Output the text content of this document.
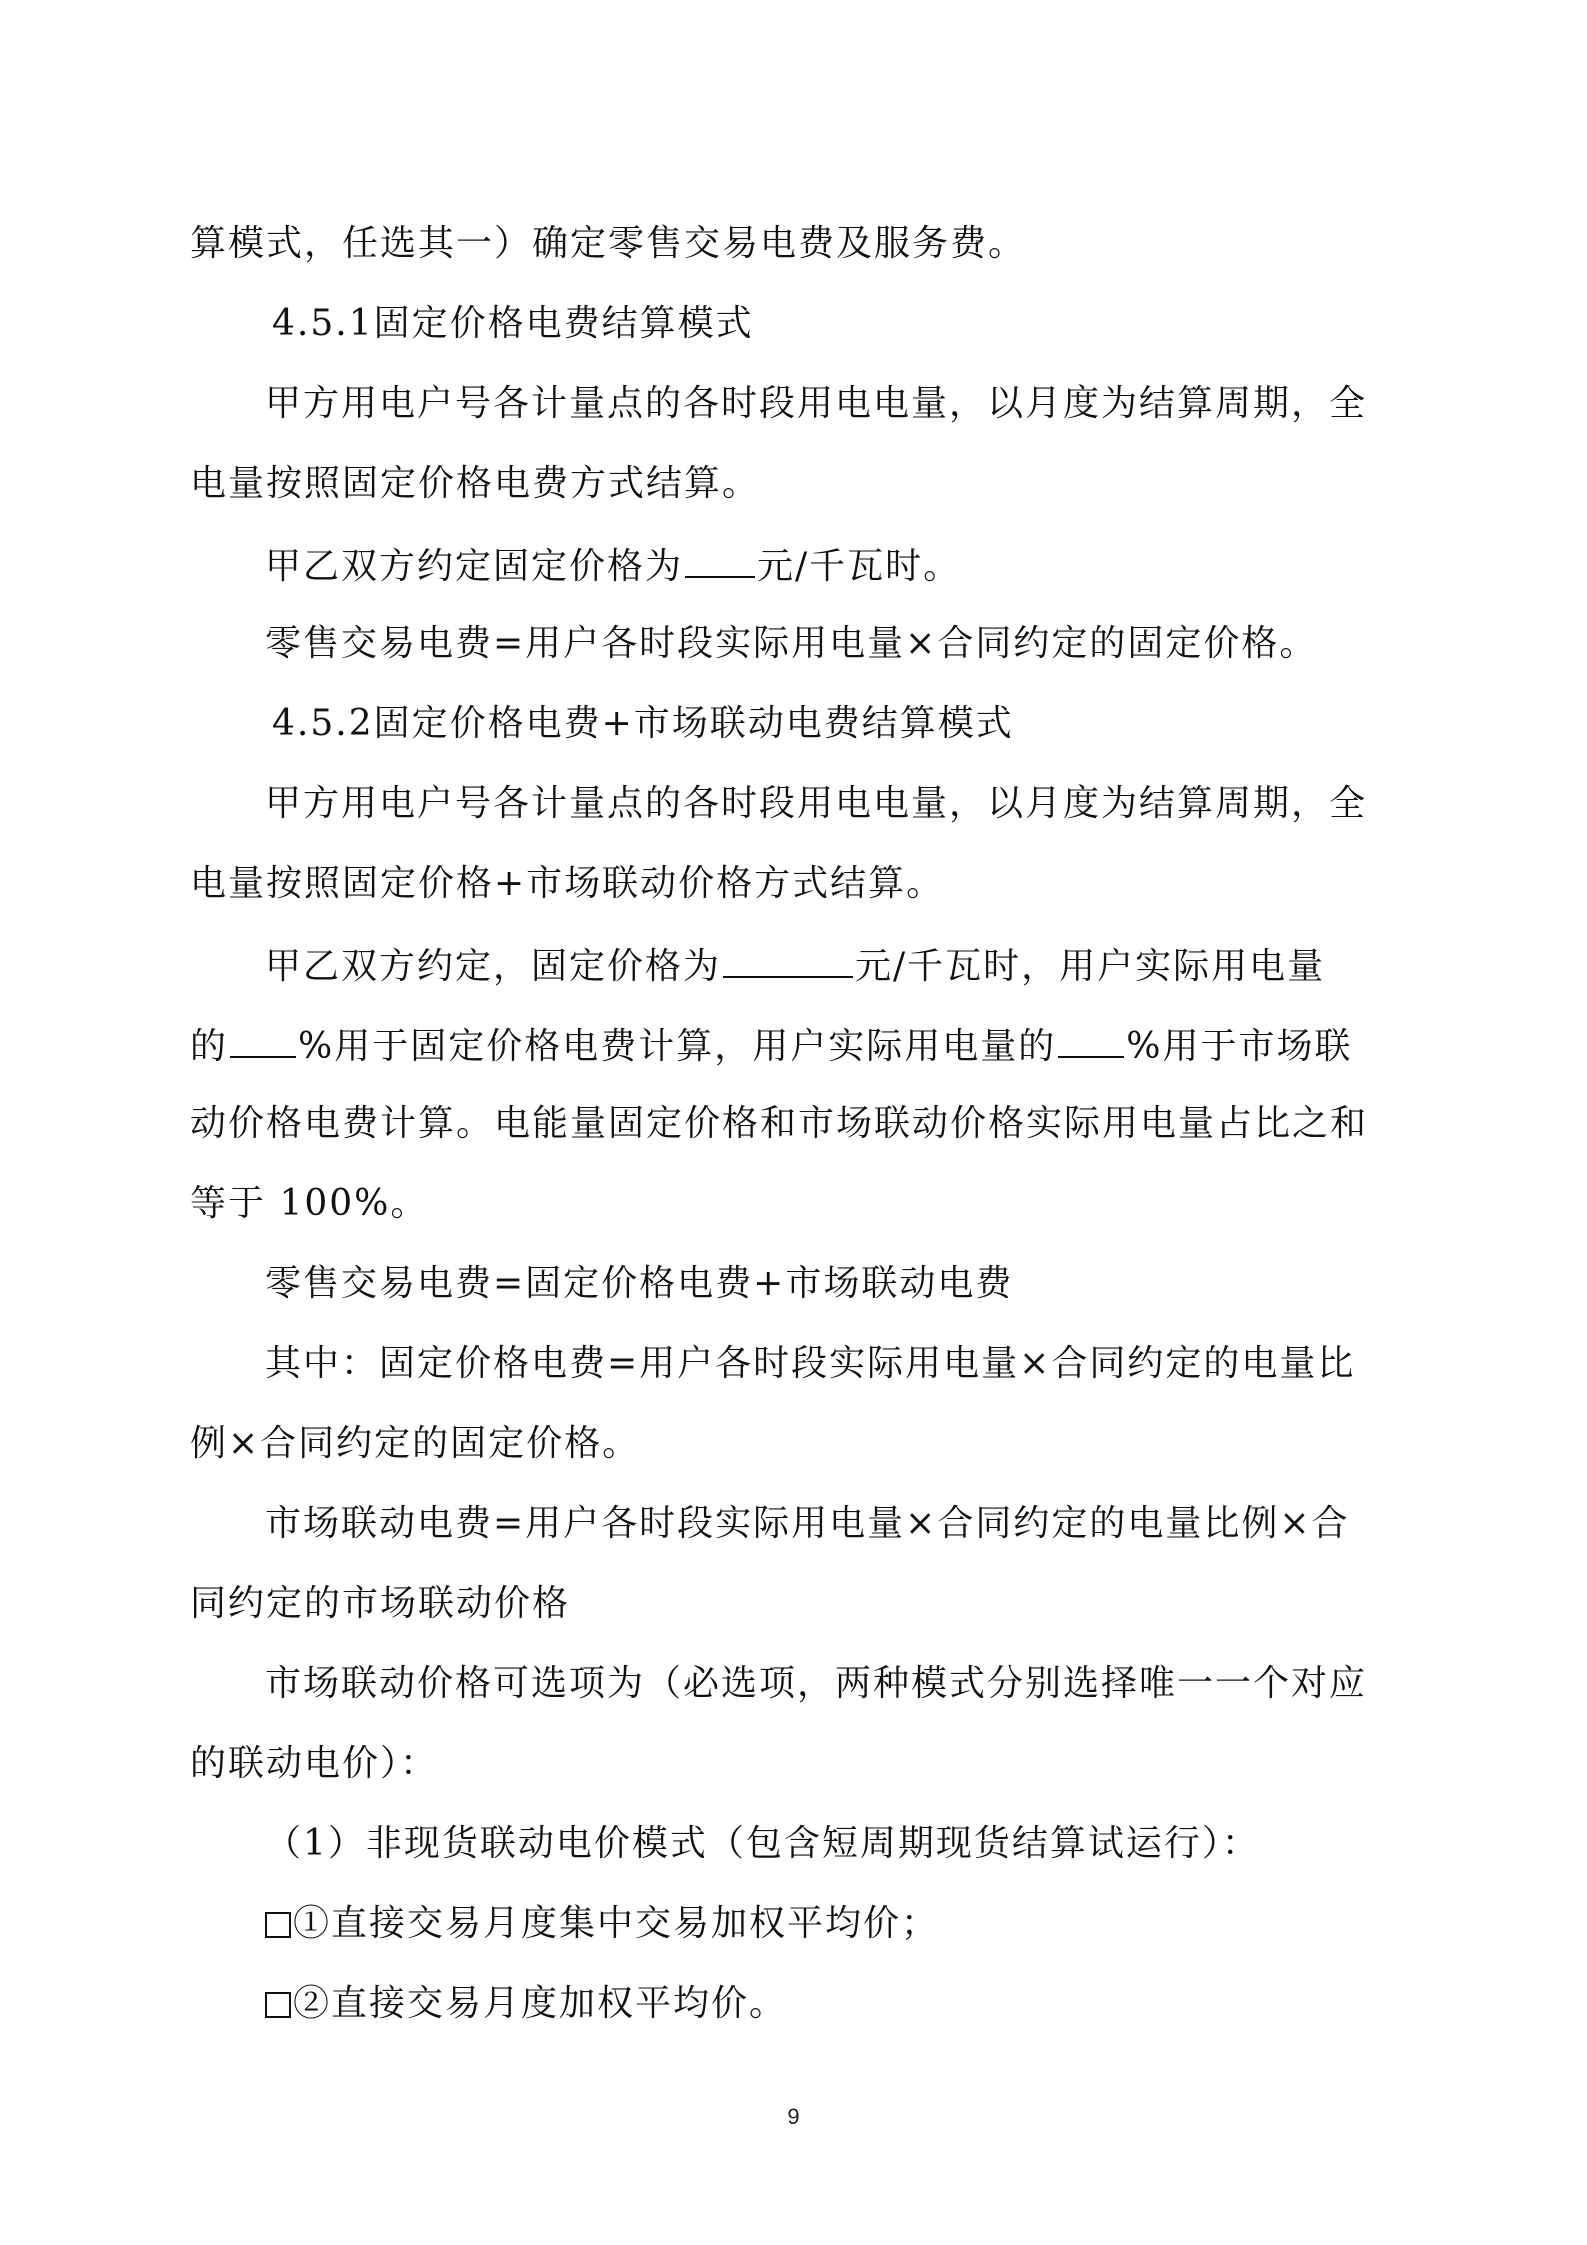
算模式，任选其一）确定零售交易电费及服务费。
4.5.1固定价格电费结算模式
甲方用电户号各计量点的各时段用电电量，以月度为结算周期，全
电量按照固定价格电费方式结算。
甲乙双方约定固定价格为 元/千瓦时。
零售交易电费=用户各时段实际用电量×合同约定的固定价格。
4.5.2固定价格电费+市场联动电费结算模式
甲方用电户号各计量点的各时段用电电量，以月度为结算周期，全
电量按照固定价格+市场联动价格方式结算。
甲乙双方约定，固定价格为	元/千瓦时，用户实际用电量
的 %用于固定价格电费计算，用户实际用电量的 %用于市场联
动价格电费计算。电能量固定价格和市场联动价格实际用电量占比之和
等于 100%。
零售交易电费=固定价格电费+市场联动电费
其中：固定价格电费=用户各时段实际用电量×合同约定的电量比
例×合同约定的固定价格。
市场联动电费=用户各时段实际用电量×合同约定的电量比例×合
同约定的市场联动价格
市场联动价格可选项为（必选项，两种模式分别选择唯一一个对应
的联动电价）：
（1）非现货联动电价模式（包含短周期现货结算试运行）：
①直接交易月度集中交易加权平均价；
②直接交易月度加权平均价。
9
